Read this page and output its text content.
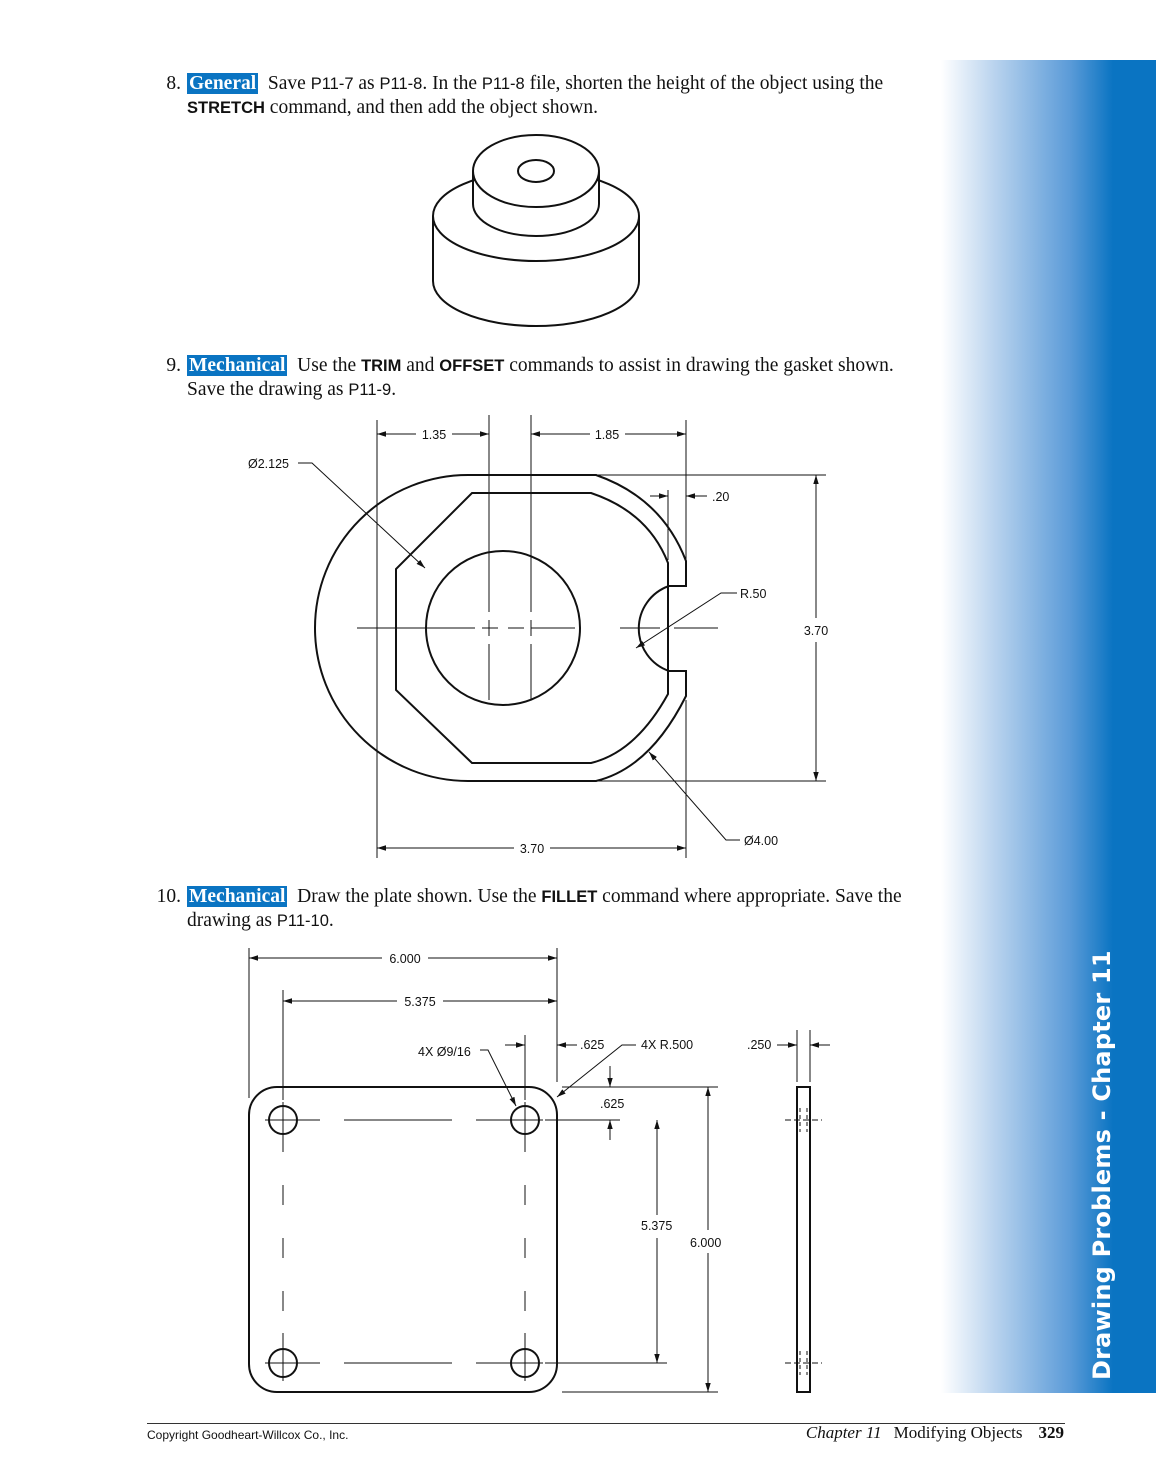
8. General Save P11-7 as P11-8. In the P11-8 file, shorten the height of the object using the STRETCH command, and then add the object shown.
9. Mechanical Use the TRIM and OFFSET commands to assist in drawing the gasket shown. Save the drawing as P11-9.
1.35	1.85
Ø2.125
.20
R.50
3.70
3.70
Ø4.00
10. Mechanical Draw the plate shown. Use the FILLET command where appropriate. Save the drawing as P11-10.
6.000
5.375
4X Ø9/16	.625	4X R.500	.250
.625
5.375
6.000	Drawing Problems - Chapter 11
Copyright Goodheart-Willcox Co., Inc.	Chapter 11 Modifying Objects 329
